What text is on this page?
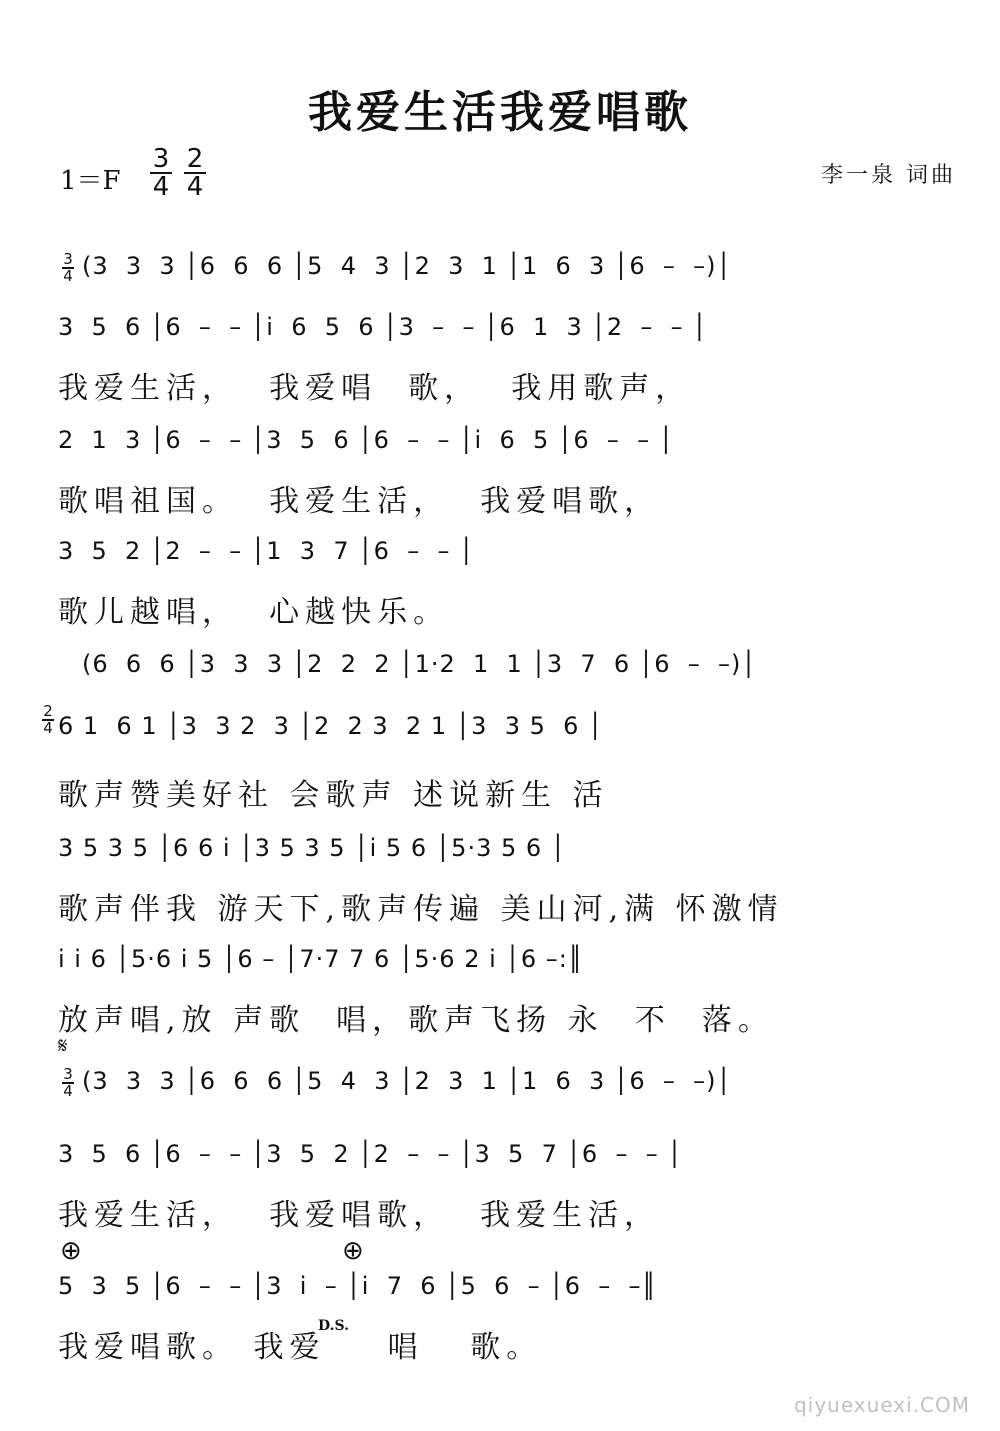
我爱生活我爱唱歌
$1=F \frac{3}{4} \frac{2}{4}$	李一泉 词曲
$\frac{3}{4} (3$  3  3 │6  6  6 │5  4  3 │2  3  1 │1  6  3 │6  –  –)│
3  5  6 │6  –  – │i  6  5  6 │3  –  – │6  1  3 │2  –  – │
我爱生活，  我爱唱  歌，  我用歌声，
2  1  3 │6  –  – │3  5  6 │6  –  – │i  6  5 │6  –  – │
歌唱祖国。  我爱生活，  我爱唱歌，
3  5  2 │2  –  – │1  3  7 │6  –  – │
歌儿越唱，  心越快乐。
(6  6  6 │3  3  3 │2  2  2 │1·2  1  1 │3  7  6 │6  –  –)│
$\frac{2}{4} 6$ 1  6 1 │3  3 2  3 │2  2 3  2 1 │3  3 5  6 │
歌声赞美好社 会歌声 述说新生 活
3 5 3 5 │6 6 i │3 5 3 5 │i 5 6 │5·3 5 6 │
歌声伴我 游天下,歌声传遍 美山河,满 怀激情
i i 6 │5·6 i 5 │6 – │7·7 7 6 │5·6 2 i │6 –:║
放声唱,放 声歌  唱，歌声飞扬 永  不  落。
𝄋
$\frac{3}{4} (3$  3  3 │6  6  6 │5  4  3 │2  3  1 │1  6  3 │6  –  –)│
3  5  6 │6  –  – │3  5  2 │2  –  – │3  5  7 │6  –  – │
我爱生活，  我爱唱歌，  我爱生活，
⊕	⊕
5  3  5 │6  –  – │3  i  – │i  7  6 │5  6  – │6  –  –║
D.S.
我爱唱歌。 我爱    唱   歌。
qiyuexuexi.COM
